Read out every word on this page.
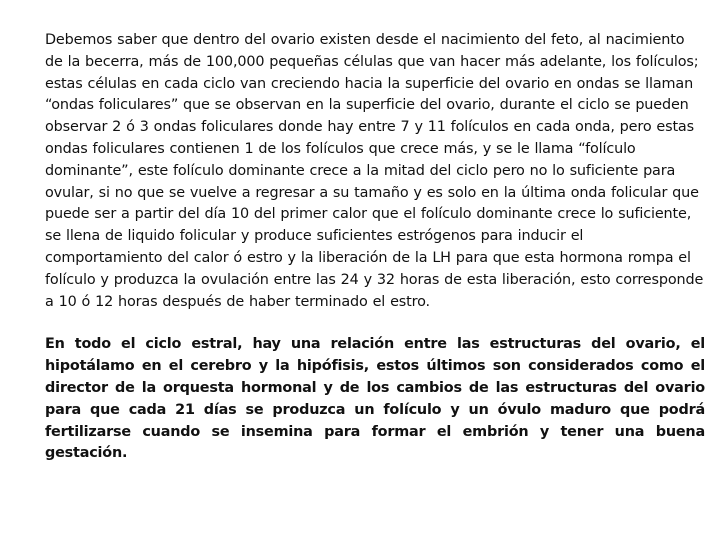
Debemos saber que dentro del ovario existen desde el nacimiento del feto, al nacimiento de la becerra, más de 100,000 pequeñas células que van hacer más adelante, los folículos; estas células en cada ciclo van creciendo hacia la superficie del ovario en ondas se llaman “ondas foliculares” que se observan en la superficie del ovario, durante el ciclo se pueden observar 2 ó 3 ondas foliculares donde hay entre 7 y 11 folículos en cada onda, pero estas ondas foliculares contienen 1 de los folículos que crece más, y se le llama “folículo dominante”, este folículo dominante crece a la mitad del ciclo pero no lo suficiente para ovular, si no que se vuelve a regresar a su tamaño y es solo en la última onda folicular que puede ser a partir del día 10 del primer calor que el folículo dominante crece lo suficiente, se llena de liquido folicular y produce suficientes estrógenos para inducir el comportamiento del calor ó estro y la liberación de la LH para que esta hormona rompa el folículo y produzca la ovulación entre las 24 y 32 horas de esta liberación, esto corresponde a 10 ó 12 horas después de haber terminado el estro.

En todo el ciclo estral, hay una relación entre las estructuras del ovario, el hipotálamo en el cerebro y la hipófisis, estos últimos son considerados como el director de la orquesta hormonal y de los cambios de las estructuras del ovario para que cada 21 días se produzca un folículo y un óvulo maduro que podrá fertilizarse cuando se insemina para formar el embrión y tener una buena gestación.
